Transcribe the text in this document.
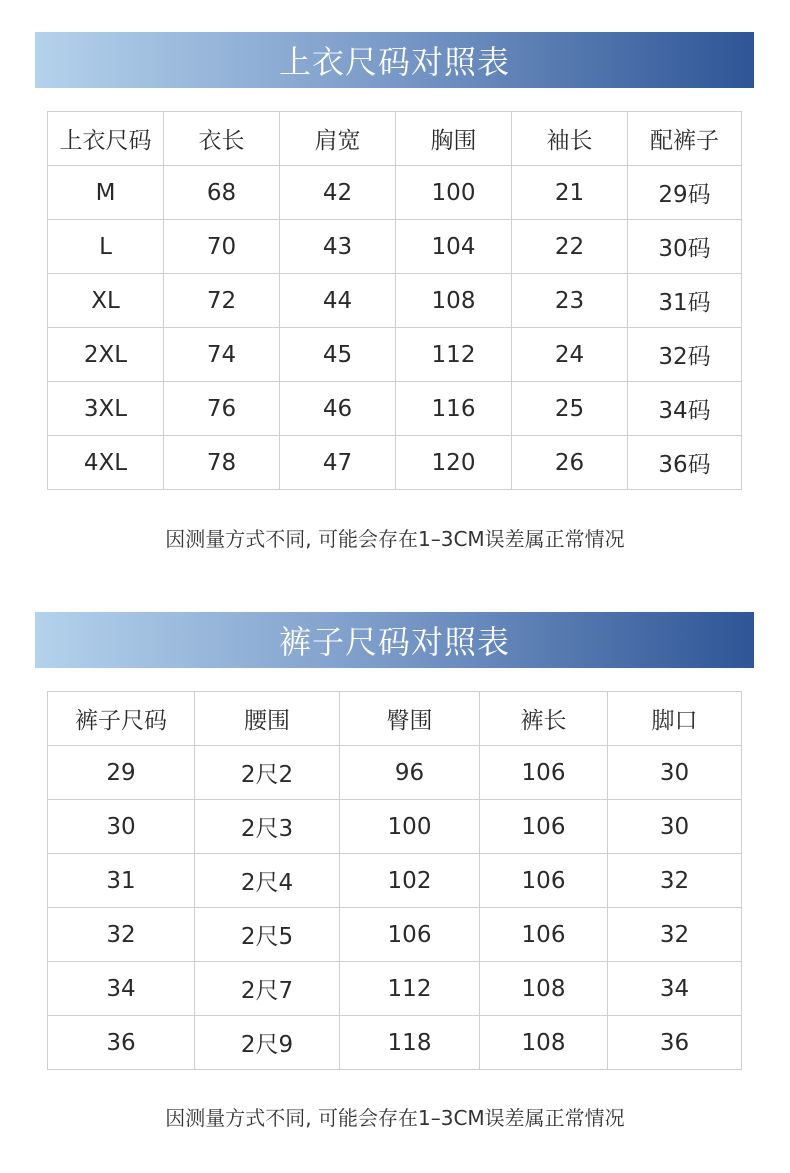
上衣尺码对照表
上衣尺码	衣长	肩宽	胸围	袖长	配裤子
M	68	42	100	21	29码
L	70	43	104	22	30码
XL	72	44	108	23	31码
2XL	74	45	112	24	32码
3XL	76	46	116	25	34码
4XL	78	47	120	26	36码
因测量方式不同, 可能会存在1–3CM误差属正常情况
裤子尺码对照表
裤子尺码	腰围	臀围	裤长	脚口
29	2尺2	96	106	30
30	2尺3	100	106	30
31	2尺4	102	106	32
32	2尺5	106	106	32
34	2尺7	112	108	34
36	2尺9	118	108	36
因测量方式不同, 可能会存在1–3CM误差属正常情况
